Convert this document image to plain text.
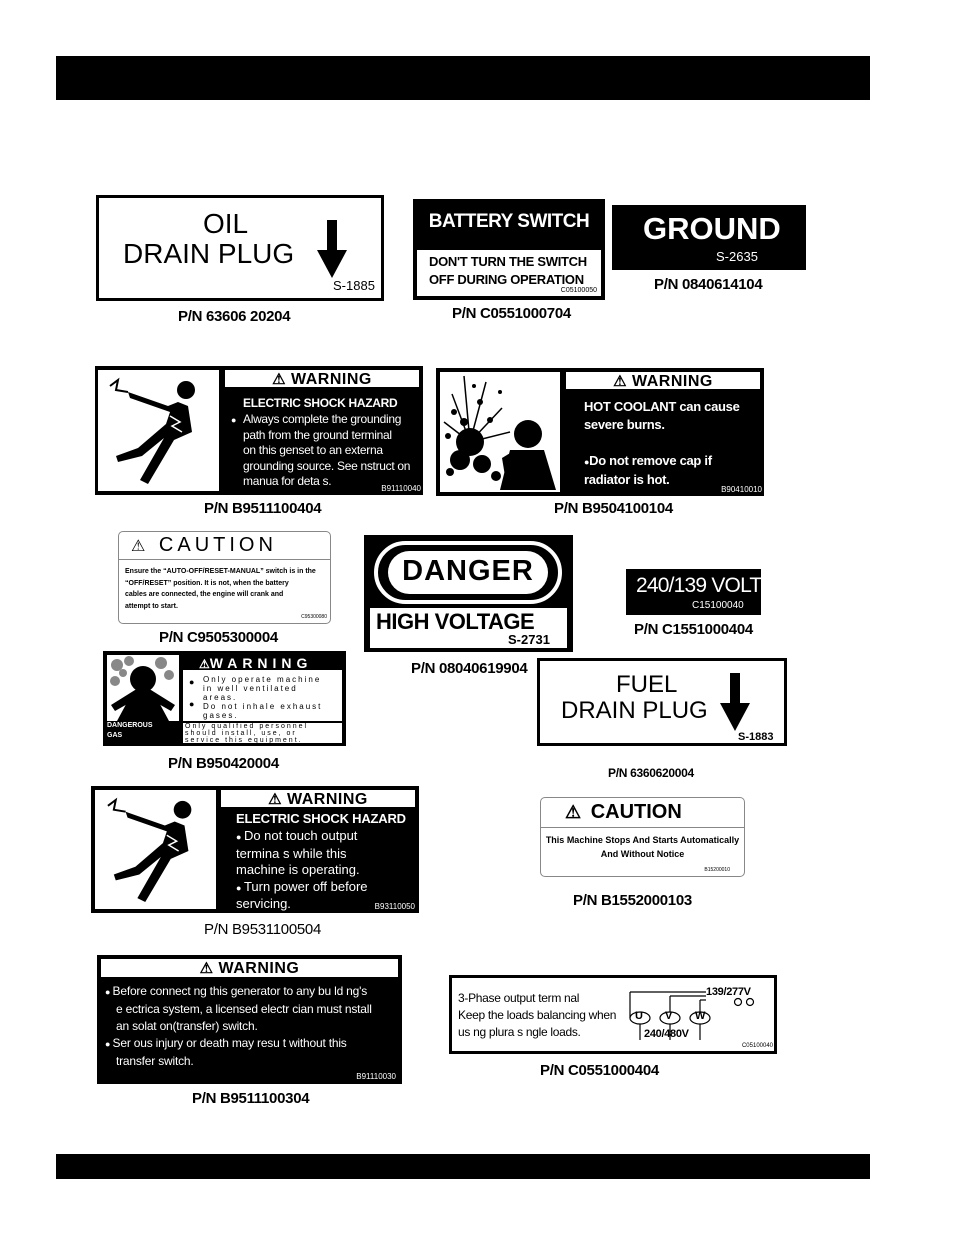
OIL
DRAIN PLUG
S-1885
P/N 63606 20204
BATTERY SWITCH
DON'T TURN THE SWITCH
OFF DURING OPERATION
C05100050
P/N C0551000704
GROUND
S-2635
P/N 0840614104
⚠ WARNING
ELECTRIC SHOCK HAZARD
● Always complete the grounding
path from the ground terminal
on this genset to an externa
grounding source. See nstruct on
manua for deta s.
B91110040
P/N B9511100404
⚠ WARNING
HOT COOLANT can cause
severe burns.
●Do not remove cap if
radiator is hot.
B90410010
P/N B9504100104
⚠ CAUTION
Ensure the “AUTO-OFF/RESET-MANUAL” switch is in the
“OFF/RESET” position. It is not, when the battery
cables are connected, the engine will crank and
attempt to start.
C95300080
P/N C9505300004
DANGER
HIGH VOLTAGE
S-2731
P/N 08040619904
240/139 VOLT
C15100040
P/N C1551000404
DANGEROUS
GAS
⚠WARNING
Only operate machine
in well ventilated
areas.
Do not inhale exhaust
gases.
●
●
Only qualified personnel
should install, use, or
service this equipment.
P/N B950420004
FUEL
DRAIN PLUG
S-1883
P/N 6360620004
⚠ WARNING
ELECTRIC SHOCK HAZARD
● Do not touch output
termina s while this
machine is operating.
● Turn power off before
servicing.	B93110050
P/N B9531100504
⚠ CAUTION
This Machine Stops And Starts Automatically
And Without Notice
B15200010
P/N B1552000103
⚠ WARNING
● Before connect ng this generator to any bu ld ng's
e ectrica system, a licensed electr cian must nstall
an solat on(transfer) switch.
● Ser ous injury or death may resu t without this
transfer switch.
B91110030
P/N B9511100304
3-Phase output term nal
Keep the loads balancing when
us ng plura s ngle loads.
U V W
139/277V
240/480V
C05100040
P/N C0551000404
